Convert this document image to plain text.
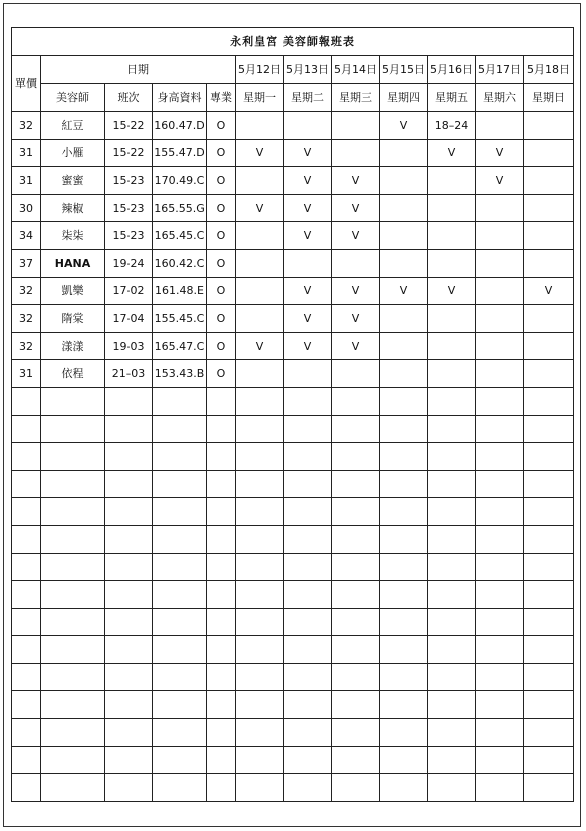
永利皇宮 美容師報班表											
單價	日期				5月12日	5月13日	5月14日	5月15日	5月16日	5月17日	5月18日
	美容師	班次	身高資料	專業	星期一	星期二	星期三	星期四	星期五	星期六	星期日
32	紅豆	15-22	160.47.D	O				V	18–24		
31	小雁	15-22	155.47.D	O	V	V			V	V	
31	蜜蜜	15-23	170.49.C	O		V	V			V	
30	辣椒	15-23	165.55.G	O	V	V	V				
34	柒柒	15-23	165.45.C	O		V	V				
37	HANA	19-24	160.42.C	O							
32	凱樂	17-02	161.48.E	O		V	V	V	V		V
32	隋棠	17-04	155.45.C	O		V	V				
32	漾漾	19-03	165.47.C	O	V	V	V				
31	依程	21–03	153.43.B	O							
